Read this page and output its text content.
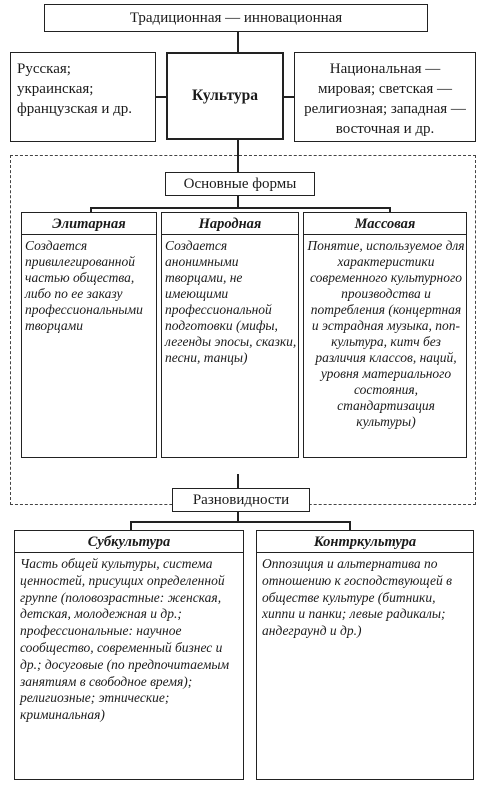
Традиционная — инновационная
Русская; украинская; французская и др.
Культура
Национальная — мировая; светская — религиозная; западная — восточная и др.
Основные формы
Элитарная
Создается привилегированной частью общества, либо по ее заказу профессиональными творцами
Народная
Создается анонимными творцами, не имеющими профессиональной подготовки (мифы, легенды эпосы, сказки, песни, танцы)
Массовая
Понятие, используемое для характеристики современного культурного производства и потребления (концертная и эстрадная музыка, поп-культура, китч без различия классов, наций, уровня материального состояния, стандартизация культуры)
Разновидности
Субкультура
Часть общей культуры, система ценностей, присущих определенной группе (половозрастные: женская, детская, молодежная и др.; профессиональные: научное сообщество, современный бизнес и др.; досуговые (по предпочитаемым занятиям в свободное время); религиозные; этнические; криминальная)
Контркультура
Оппозиция и альтернатива по отношению к господствующей в обществе культуре (битники, хиппи и панки; левые радикалы; андеграунд и др.)
